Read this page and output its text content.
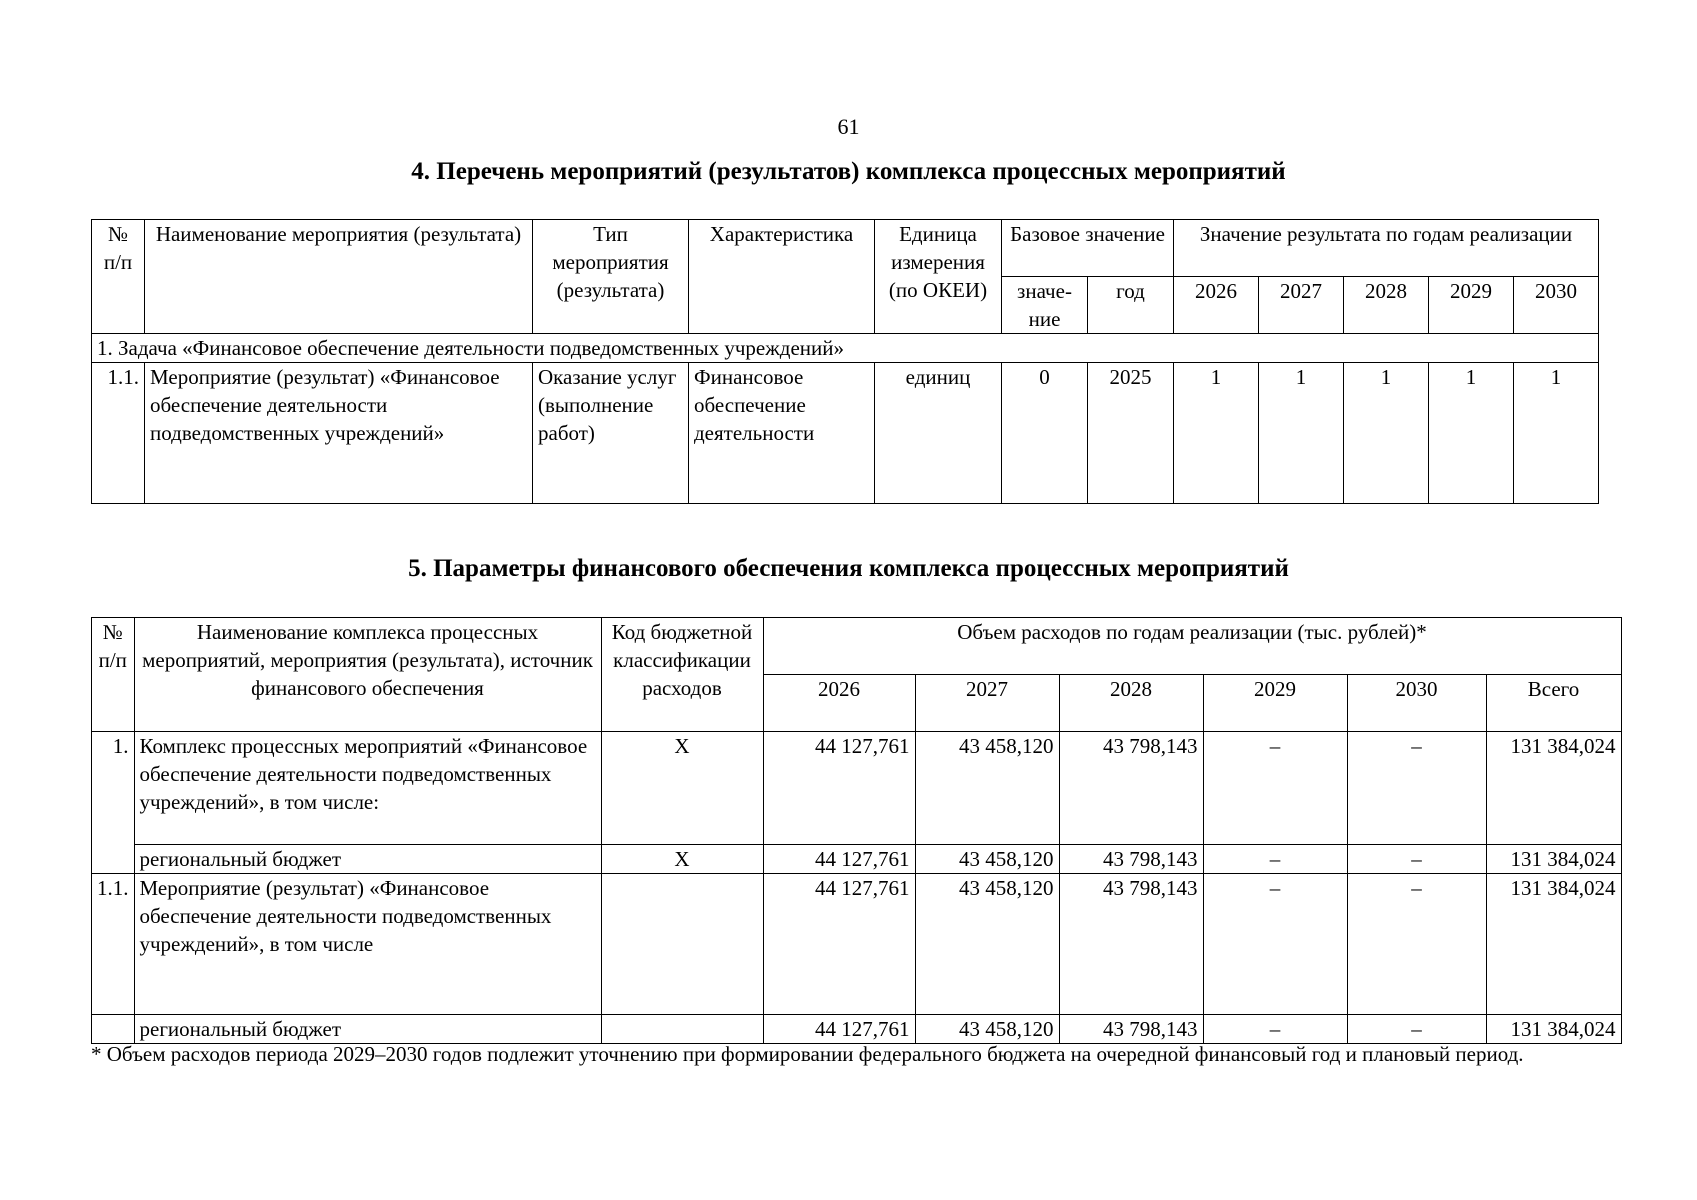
61
4. Перечень мероприятий (результатов) комплекса процессных мероприятий
№ п/п	Наименование мероприятия (результата)	Тип мероприятия (результата)	Характеристика	Единица измерения (по ОКЕИ)	Базовое значение		Значение результата по годам реализации				
					значе-ние	год	2026	2027	2028	2029	2030
1. Задача «Финансовое обеспечение деятельности подведомственных учреждений»											
1.1.	Мероприятие (результат) «Финансовое обеспечение деятельности подведомственных учреждений»	Оказание услуг (выполнение работ)	Финансовое обеспечение деятельности	единиц	0	2025	1	1	1	1	1
5. Параметры финансового обеспечения комплекса процессных мероприятий
№ п/п	Наименование комплекса процессных мероприятий, мероприятия (результата), источник финансового обеспечения	Код бюджетной классификации расходов	Объем расходов по годам реализации (тыс. рублей)*					
			2026	2027	2028	2029	2030	Всего
1.	Комплекс процессных мероприятий «Финансовое обеспечение деятельности подведомственных учреждений», в том числе:	Х	44 127,761	43 458,120	43 798,143	–	–	131 384,024
	региональный бюджет	Х	44 127,761	43 458,120	43 798,143	–	–	131 384,024
1.1.	Мероприятие (результат) «Финансовое обеспечение деятельности подведомственных учреждений», в том числе		44 127,761	43 458,120	43 798,143	–	–	131 384,024
	региональный бюджет		44 127,761	43 458,120	43 798,143	–	–	131 384,024
* Объем расходов периода 2029–2030 годов подлежит уточнению при формировании федерального бюджета на очередной финансовый год и плановый период.
